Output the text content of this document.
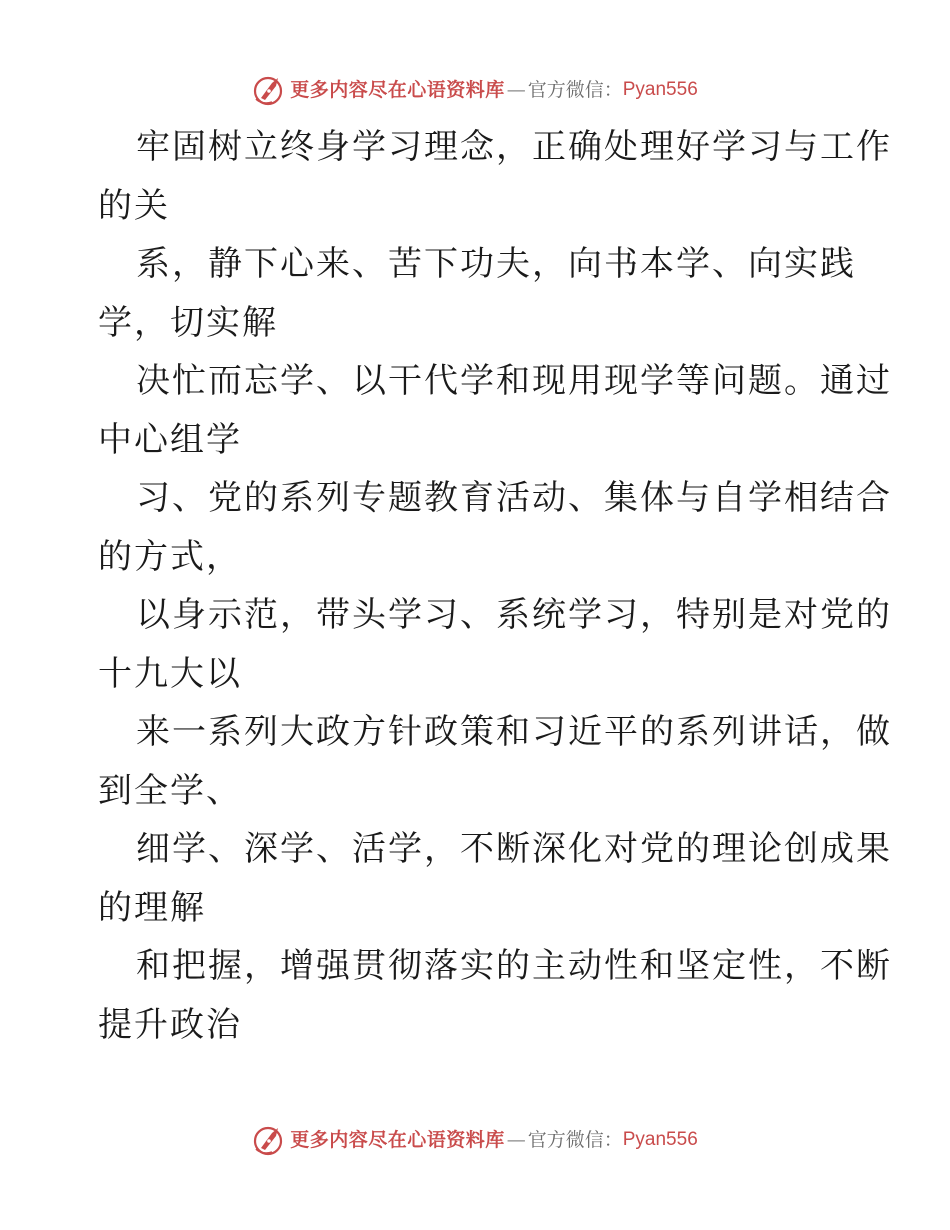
更多内容尽在心语资料库 — 官方微信： Pyan556
牢固树立终身学习理念，正确处理好学习与工作
的关
系，静下心来、苦下功夫，向书本学、向实践
学，切实解
决忙而忘学、以干代学和现用现学等问题。通过
中心组学
习、党的系列专题教育活动、集体与自学相结合
的方式，
以身示范，带头学习、系统学习，特别是对党的
十九大以
来一系列大政方针政策和习近平的系列讲话，做
到全学、
细学、深学、活学，不断深化对党的理论创成果
的理解
和把握，增强贯彻落实的主动性和坚定性，不断
提升政治
更多内容尽在心语资料库 — 官方微信： Pyan556
